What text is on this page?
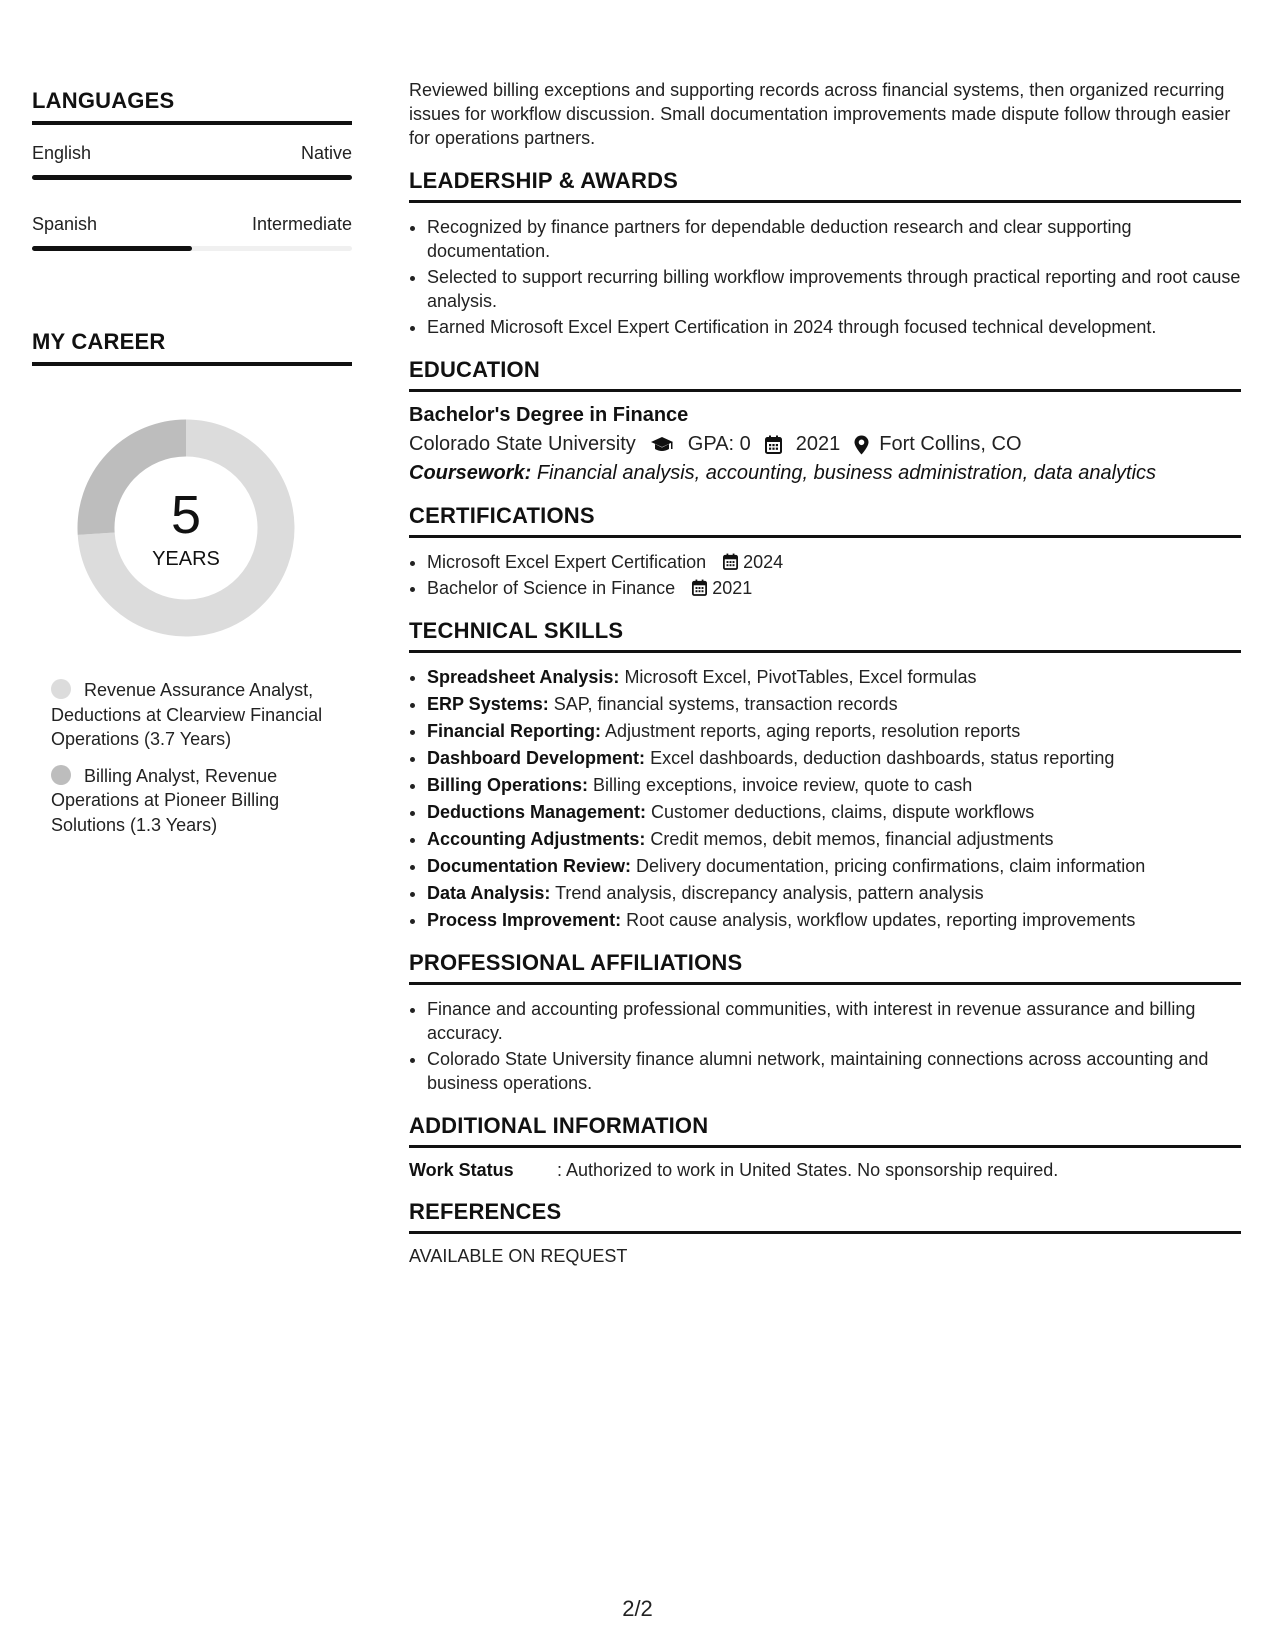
LANGUAGES
English	Native
Spanish	Intermediate
MY CAREER
5
YEARS
Revenue Assurance Analyst, Deductions at Clearview Financial Operations (3.7 Years)
Billing Analyst, Revenue Operations at Pioneer Billing Solutions (1.3 Years)

Reviewed billing exceptions and supporting records across financial systems, then organized recurring issues for workflow discussion. Small documentation improvements made dispute follow through easier for operations partners.

LEADERSHIP & AWARDS
• Recognized by finance partners for dependable deduction research and clear supporting documentation.
• Selected to support recurring billing workflow improvements through practical reporting and root cause analysis.
• Earned Microsoft Excel Expert Certification in 2024 through focused technical development.
EDUCATION
Bachelor's Degree in Finance
Colorado State University	GPA: 0 2021 Fort Collins, CO
Coursework: Financial analysis, accounting, business administration, data analytics
CERTIFICATIONS
• Microsoft Excel Expert Certification 2024
• Bachelor of Science in Finance 2021
TECHNICAL SKILLS
• Spreadsheet Analysis: Microsoft Excel, PivotTables, Excel formulas
• ERP Systems: SAP, financial systems, transaction records
• Financial Reporting: Adjustment reports, aging reports, resolution reports
• Dashboard Development: Excel dashboards, deduction dashboards, status reporting
• Billing Operations: Billing exceptions, invoice review, quote to cash
• Deductions Management: Customer deductions, claims, dispute workflows
• Accounting Adjustments: Credit memos, debit memos, financial adjustments
• Documentation Review: Delivery documentation, pricing confirmations, claim information
• Data Analysis: Trend analysis, discrepancy analysis, pattern analysis
• Process Improvement: Root cause analysis, workflow updates, reporting improvements
PROFESSIONAL AFFILIATIONS
• Finance and accounting professional communities, with interest in revenue assurance and billing accuracy.
• Colorado State University finance alumni network, maintaining connections across accounting and business operations.
ADDITIONAL INFORMATION
Work Status : Authorized to work in United States. No sponsorship required.
REFERENCES
AVAILABLE ON REQUEST
2/2
